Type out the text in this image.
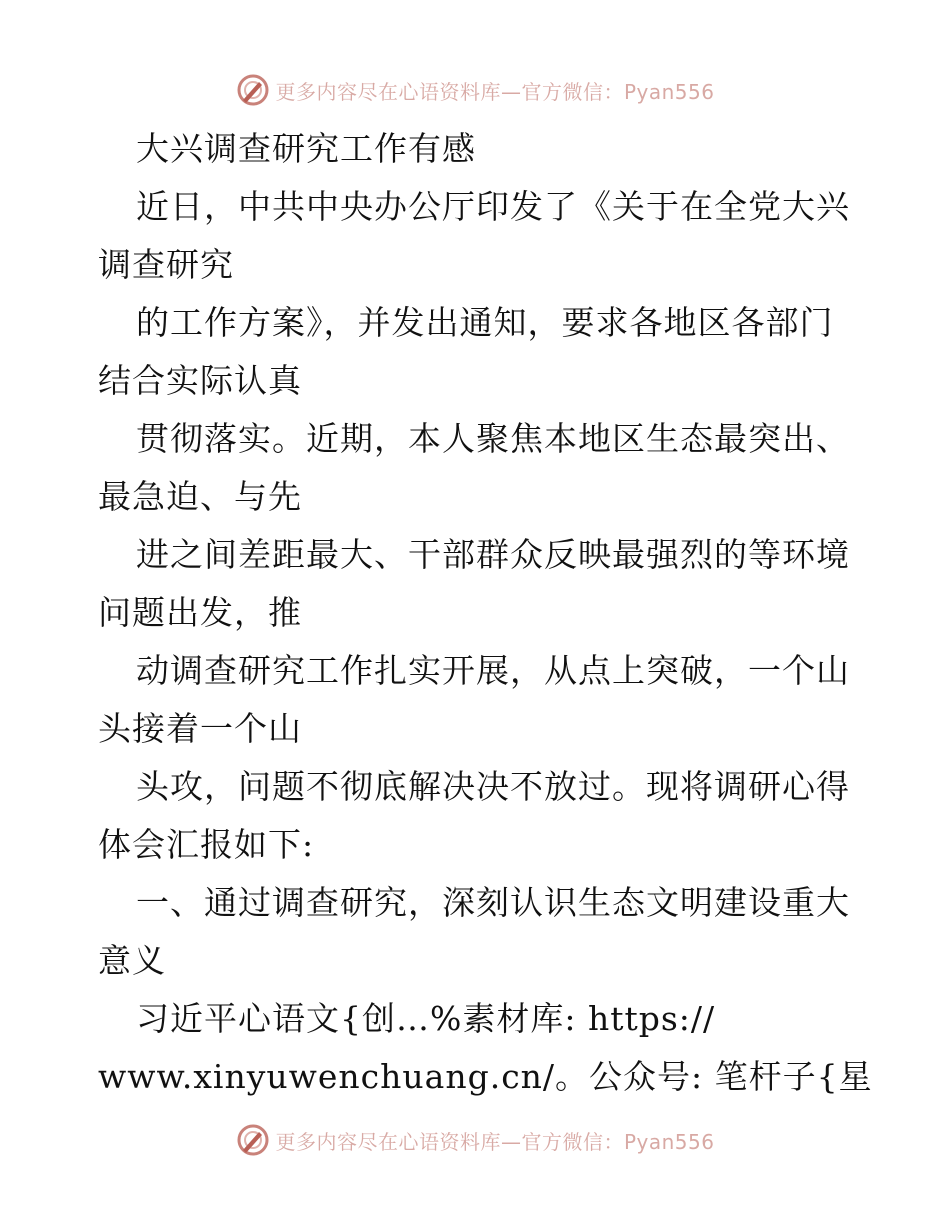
更多内容尽在心语资料库—官方微信：Pyan556
大兴调查研究工作有感
近日，中共中央办公厅印发了《关于在全党大兴
调查研究
的工作方案》，并发出通知，要求各地区各部门
结合实际认真
贯彻落实。近期，本人聚焦本地区生态最突出、
最急迫、与先
进之间差距最大、干部群众反映最强烈的等环境
问题出发，推
动调查研究工作扎实开展，从点上突破，一个山
头接着一个山
头攻，问题不彻底解决决不放过。现将调研心得
体会汇报如下:
一、通过调查研究，深刻认识生态文明建设重大
意义
习近平心语文{创…%素材库: https://
www.xinyuwenchuang.cn/。公众号: 笔杆子{星
更多内容尽在心语资料库—官方微信：Pyan556
